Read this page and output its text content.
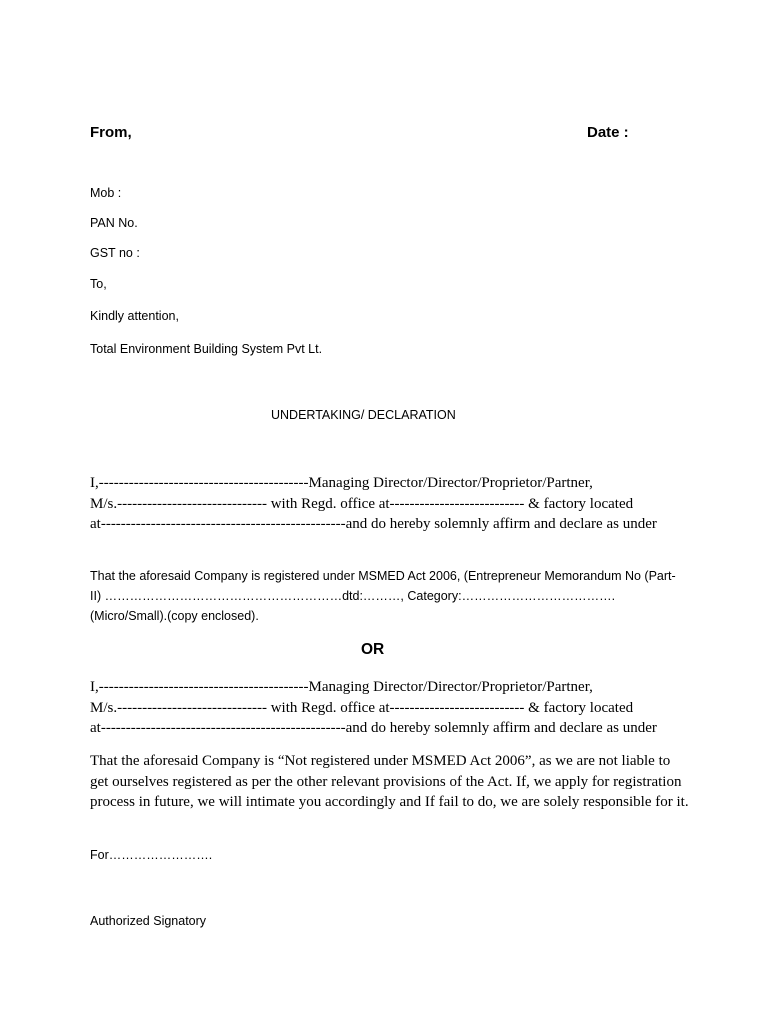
From,	Date :
Mob :
PAN No.
GST no :
To,
Kindly attention,
Total Environment Building System Pvt Lt.
UNDERTAKING/ DECLARATION
I,------------------------------------------Managing Director/Director/Proprietor/Partner,
M/s.------------------------------ with Regd. office at--------------------------- & factory located
at-------------------------------------------------and do hereby solemnly affirm and declare as under
That the aforesaid Company is registered under MSMED Act 2006, (Entrepreneur Memorandum No (Part- II) …………………………………………………dtd:………, Category:……………………………….(Micro/Small).(copy enclosed).
OR
I,------------------------------------------Managing Director/Director/Proprietor/Partner,
M/s.------------------------------ with Regd. office at--------------------------- & factory located
at-------------------------------------------------and do hereby solemnly affirm and declare as under
That the aforesaid Company is “Not registered under MSMED Act 2006”, as we are not liable to get ourselves registered as per the other relevant provisions of the Act. If, we apply for registration process in future, we will intimate you accordingly and If fail to do, we are solely responsible for it.
For…………………….
Authorized Signatory
